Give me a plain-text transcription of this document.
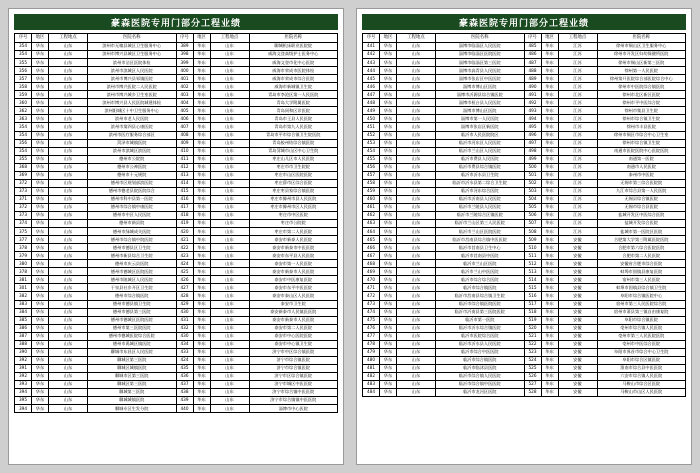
豪森医院专用门部分工程业绩
序号	地区	工程地点	医院名称	序号	地区	工程地点	医院名称
354	华东	山东	滨州市无棣县城区卫生服务中心	389	华东	山东	聊城机床职业医院院
354	华东	山东	滨州市博兴县城区卫生服务中心	398	华东	山东	威海文登高级护士医务中心
355	华东	山东	滨州市沾区医院体检	399	华东	山东	威海文登市化中心医院
356	华东	山东	滨州市滨城区人民医院	400	华东	山东	威海市荣成市医院体检
357	华东	山东	滨州市博兴县邹镇医院	401	华东	山东	威海市荣成市综合医院
358	华东	山东	滨州市博兴医院二人民医院	402	华东	山东	威海市新城镇卫生院
359	华东	山东	滨州市博兴城乡卫生室医院	403	华东	山东	青岛市李沧区第一人民医院
360	华东	山东	滨州市博兴县人民医院城建体检	404	华东	山东	青岛大学附属医院
362	华东	山东	滨州阳城区十中卫生服务中心	405	华东	山东	青岛同和区诊医院
363	华东	山东	滨州市老人民医院	406	华东	山东	青岛市王县人民医院
354	华东	山东	滨州市第四县心康医院	407	华东	山东	青岛市第九人民医院
354	华东	山东	滨州市医疗服务综合部区	408	华东	山东	青岛市平市综合镇卫生院医院
356	华东	山东	菏泽市城镇医院	409	华东	山东	青岛胶州结综合镇医院
354	华东	山东	滨州市滨城区滨医院	410	华东	山东	青岛菏城市山区中心卫生院
355	华东	山东	德州市公院院	411	华东	山东	枣庄山儿区市人民医院
368	华东	山东	德州市公神医院	412	华东	山东	枣庄市市卫生院院
369	华东	山东	德州市十元规院	413	华东	山东	枣庄市山区医院医院
372	华东	山东	德州市区规划部滨医院	414	华东	山东	枣庄薛市区综合医院
373	华东	山东	德州市德老县院医院综合	415	华东	山东	枣庄枣县家综合镇医院
371	华东	山东	德州市科中县第一医院	416	华东	山东	枣庄市滕州市县人民医院
372	华东	山东	德州市综合镇中康医院	417	华东	山东	枣庄市滕州市区人民医院
373	华东	山东	德州市中区人民医院	418	华东	山东	枣庄市中区医院
374	华东	山东	德州市新县院	419	华东	山东	枣庄市公院院
375	华东	山东	德州市绿城成关医院	420	华东	山东	枣庄市第二人民医院
377	华东	山东	德州市综合镇中院医院	421	华东	山东	泰安市新泰人民医院
378	华东	山东	德州市德县区卫生院	422	华东	山东	泰安市新泰市中医医院
379	华东	山东	德州市新县综合卫生院	423	华东	山东	泰安市东平县人民医院
380	华东	山东	德州市庆云县医院	424	华东	山东	泰安市第一人民医院
378	华东	山东	德州市德城区医院医院	425	华东	山东	泰安市新泰市人民医院
381	华东	山东	德州市陵城区人民医院	426	华东	山东	泰安市中医康复医院
301	华东	山东	于泉县社乡开区卫生院	427	华东	山东	泰安市东平中医医院
382	华东	山东	德州市综合镇医院	428	华东	山东	泰安市泰山区人民医院
383	华东	山东	德州市德县镇卫生院	429	华东	山东	泰安市卫生院
384	华东	山东	德州市德县第三医院	430	华东	山东	泰安新泰市人民镇医医院
385	华东	山东	德州市德城区医院医院	431	华东	山东	泰安市新泰市人民医院
386	华东	山东	德州市第三医院医院	432	华东	山东	泰安市第二人民医院
387	华东	山东	德州市德城医院综合医院	430	华东	山东	泰安市中心医院医院
388	华东	山东	德州市禹城区镇医院	434	华东	山东	泰安市中心镇卫生院
390	华东	山东	聊城市东昌区人民医院	433	华东	山东	济宁市中区综合镇医院
392	华东	山东	聊城区第三医院	424	华东	山东	济宁市综合镇医院
391	华东	山东	聊城区城镇医院	435	华东	山东	济宁市综合镇医院
392	华东	山东	聊城市区第三医院	436	华东	山东	济宁市区综合镇医院
393	华东	山东	聊城区第三医院	437	华东	山东	济宁市城区中医医院
394	华东	山东	聊城第三医院	438	华东	山东	济宁市综合镇中医医院
395	华东	山东	聊城城镇医院	439	华东	山东	济宁市综合镇镇中医医院
394	华东	山东	聊城专区生发分院	440	华东	山东	淄博市中心医院
豪森医院专用门部分工程业绩
序号	地区	工程地点	医院名称	序号	地区	工程地点	医院名称
441	华东	山东	淄博市临淄区人民医院	485	华东	江苏	徐州市铜山区卫生服务中心
442	华东	山东	淄博市临淄区医院医院	486	华东	江苏	徐州市开发区妇幼保健所医院
443	华东	山东	淄博市临淄区第三医院	487	华东	江苏	徐州市铜山区新第三医院
444	华东	山东	淄博市高青县人民医院	488	华东	江苏	徐州第一人民医院
445	华东	山东	淄博市张店区中医医院	489	华东	江苏	徐州第开医院综合部医院综合中心
446	华东	山东	淄博市博山区医院	490	华东	江苏	徐州市中医院综合镇医院
447	华东	山东	淄博市沂源县综合镇医院	491	华东	江苏	徐州市北区新区医院
448	华东	山东	淄博市桓台县人民医院	492	华东	江苏	徐州市平中医综合院
449	华东	山东	淄博市博山区医院	493	华东	江苏	徐州市集县卫生院
450	华东	山东	淄博市第一人民医院	494	华东	江苏	徐州市综合镇卫生院
451	华东	山东	淄博市张店区新医院	495	华东	江苏	徐州市丰县医院
452	华东	山东	临沂市人民医院院区	496	华东	江苏	徐州市铜区市综合中心卫生室
453	华东	山东	临沂市河东区人民医院	497	华东	江苏	徐州市综合镇卫生院
454	华东	山东	临沂市兰山区人民医院	498	华东	江苏	南通市医院医院中心医院医院
455	华东	山东	临沂市费县人民医院	499	华东	江苏	南通第一医院
456	华东	山东	临沂市费县综合镇医院	500	华东	江苏	南通市人民医院
457	华东	山东	临沂市沂水县卫生院	501	华东	江苏	泰州市中医院
458	华东	山东	临沂市沂水县第二综合卫生院	502	华东	江苏	无锡市第三综合医院院
459	华东	山东	临沂市河东综合医院	503	华东	江苏	九江市综合县第一人民医院
460	华东	山东	临沂市沂南县人民医院	504	华东	江苏	无锡县综合镇医院
461	华东	山东	临沂市兰陵县人民医院	505	华东	江苏	无锡市综合县医院
462	华东	山东	临沂市兰陵综合区镇医院	506	华东	江苏	盐城开发区中医综合医院
463	华东	山东	临沂市兰山区第三人民医院	507	华东	江苏	盐城开发综合医院
464	华东	山东	临沂市兰山区医院医院	508	华东	江苏	盐城市第一医院区医院
465	华东	山东	临沂市莒南县综合镇中医医院	509	华东	安徽	合肥第大学第三附属医院医院
466	华东	山东	临沂市莒南县卫生中心	510	华东	安徽	合肥市第六综合医院医院
467	华东	山东	临沂市莒南县中医院	511	华东	安徽	合肥市第二人民医院
468	华东	山东	临沂市兰山区医院	512	华东	安徽	安徽省合肥市综合医院
469	华东	山东	临沂市兰山中医医院	513	华东	安徽	蚌埠市固镇县康复医院
470	华东	山东	临沂市综合综合医院	514	华东	安徽	宿州市第三人民医院
471	华东	山东	临沂市综合镇医院	515	华东	安徽	蚌埠市固镇县综合镇卫生院
472	华东	山东	临沂市莒南县综合镇卫生院	516	华东	安徽	阜阳市综合镇医院中心
473	华东	山东	临沂市综合镇医院医院	517	华东	安徽	宿州市第三人民医院综合院
474	华东	山东	临沂市沂南县第三医院医院	518	华东	安徽	宿州市萧县第三镇自由康复院
475	华东	山东	临沂市第一医院	519	华东	安徽	阜阳市综合镇医院
476	华东	山东	临沂市沂水综合镇医院	520	华东	安徽	亳州市综合镇人民医院
477	华东	山东	临沂市医院综合医院	521	华东	安徽	亳州市第三人民医院医院
478	华东	山东	临沂市沂水县人民医院	522	华东	安徽	亳州市中医综合医院
479	华东	山东	临沂市综合中医医院	523	华东	安徽	阜阳市界首市综合中心卫生院
480	华东	山东	临沂市综合镇医院	524	华东	安徽	阜阳市综合区镇医院
481	华东	山东	临沂市临沭县医院	525	华东	安徽	淮南市综合县中医医院
482	华东	山东	临沂市综合镇人民医院	526	华东	安徽	六安市综合镇人民医院
483	华东	山东	临沂市综合镇中医医院	527	华东	安徽	马鞍山市综合区医院
484	华东	山东	临沂市龙河区医院	528	华东	安徽	马鞍山市山区人民医院
